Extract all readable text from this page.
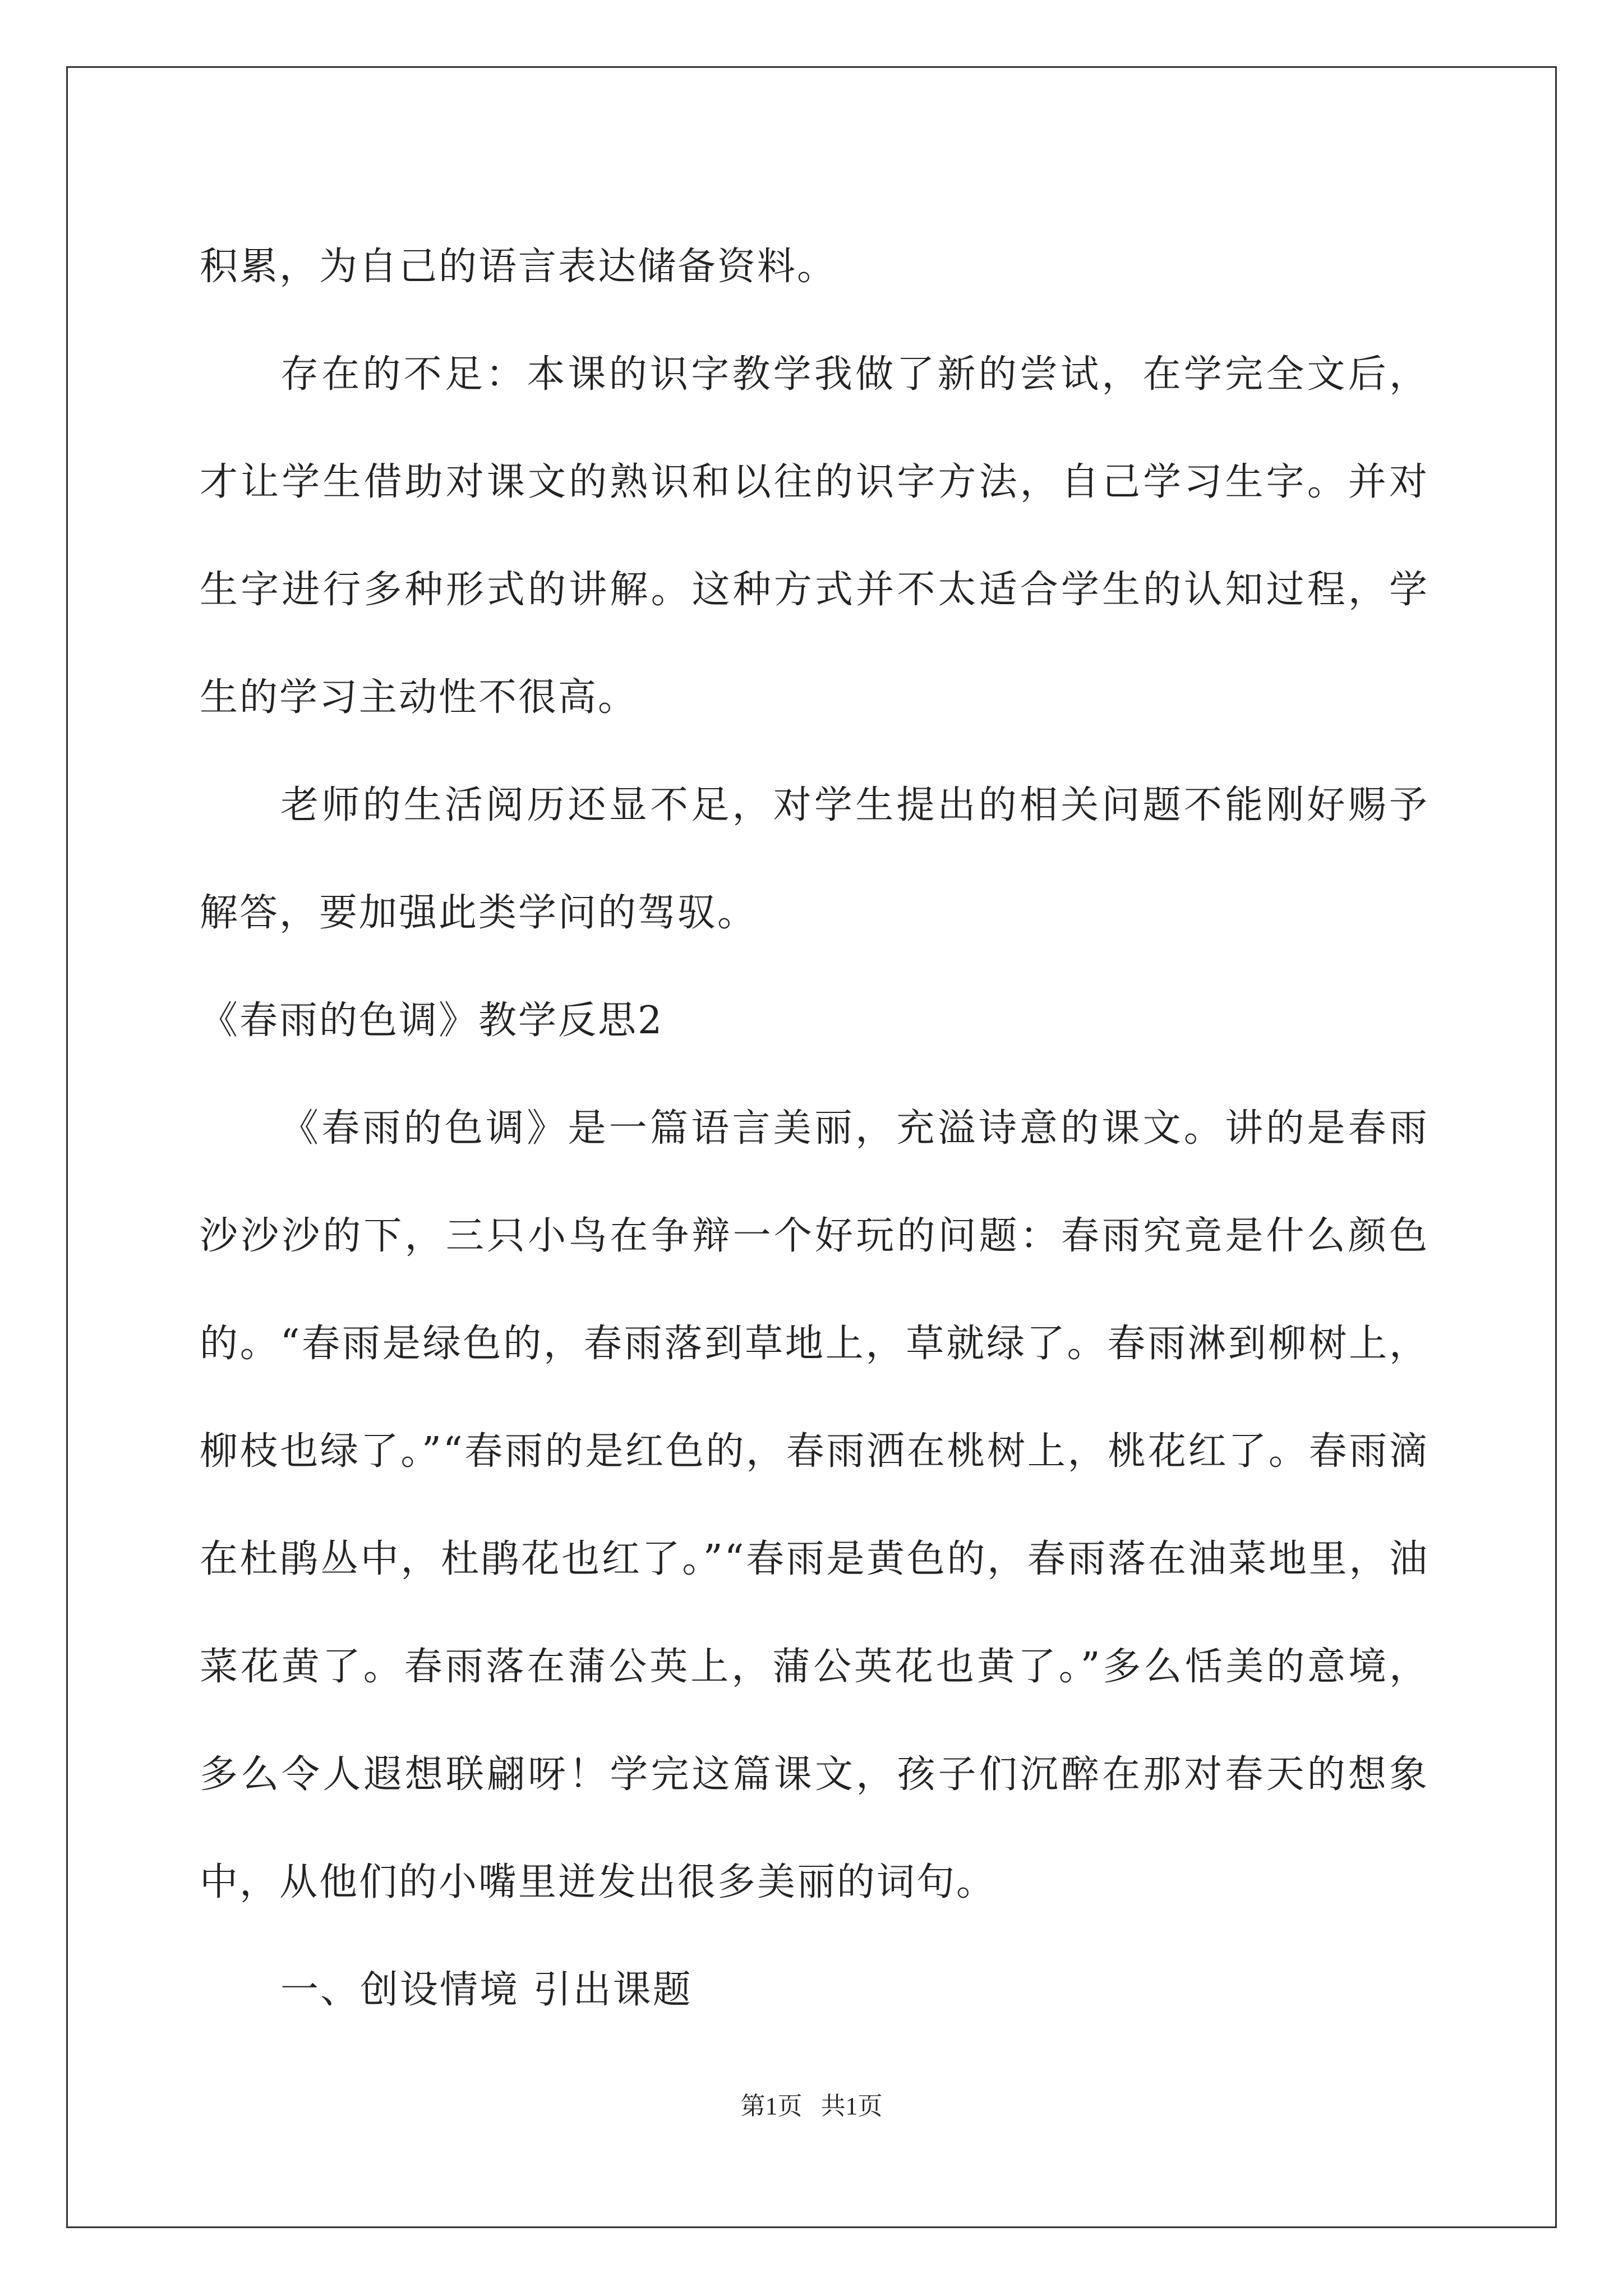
积累，为自己的语言表达储备资料。

存在的不足：本课的识字教学我做了新的尝试，在学完全文后，才让学生借助对课文的熟识和以往的识字方法，自己学习生字。并对生字进行多种形式的讲解。这种方式并不太适合学生的认知过程，学生的学习主动性不很高。

老师的生活阅历还显不足，对学生提出的相关问题不能刚好赐予解答，要加强此类学问的驾驭。

《春雨的色调》教学反思2

《春雨的色调》是一篇语言美丽，充溢诗意的课文。讲的是春雨沙沙沙的下，三只小鸟在争辩一个好玩的问题：春雨究竟是什么颜色的。“春雨是绿色的，春雨落到草地上，草就绿了。春雨淋到柳树上，柳枝也绿了。”“春雨的是红色的，春雨洒在桃树上，桃花红了。春雨滴在杜鹃丛中，杜鹃花也红了。”“春雨是黄色的，春雨落在油菜地里，油菜花黄了。春雨落在蒲公英上，蒲公英花也黄了。”多么恬美的意境，多么令人遐想联翩呀！学完这篇课文，孩子们沉醉在那对春天的想象中，从他们的小嘴里迸发出很多美丽的词句。

一、创设情境 引出课题

第1页 共1页
